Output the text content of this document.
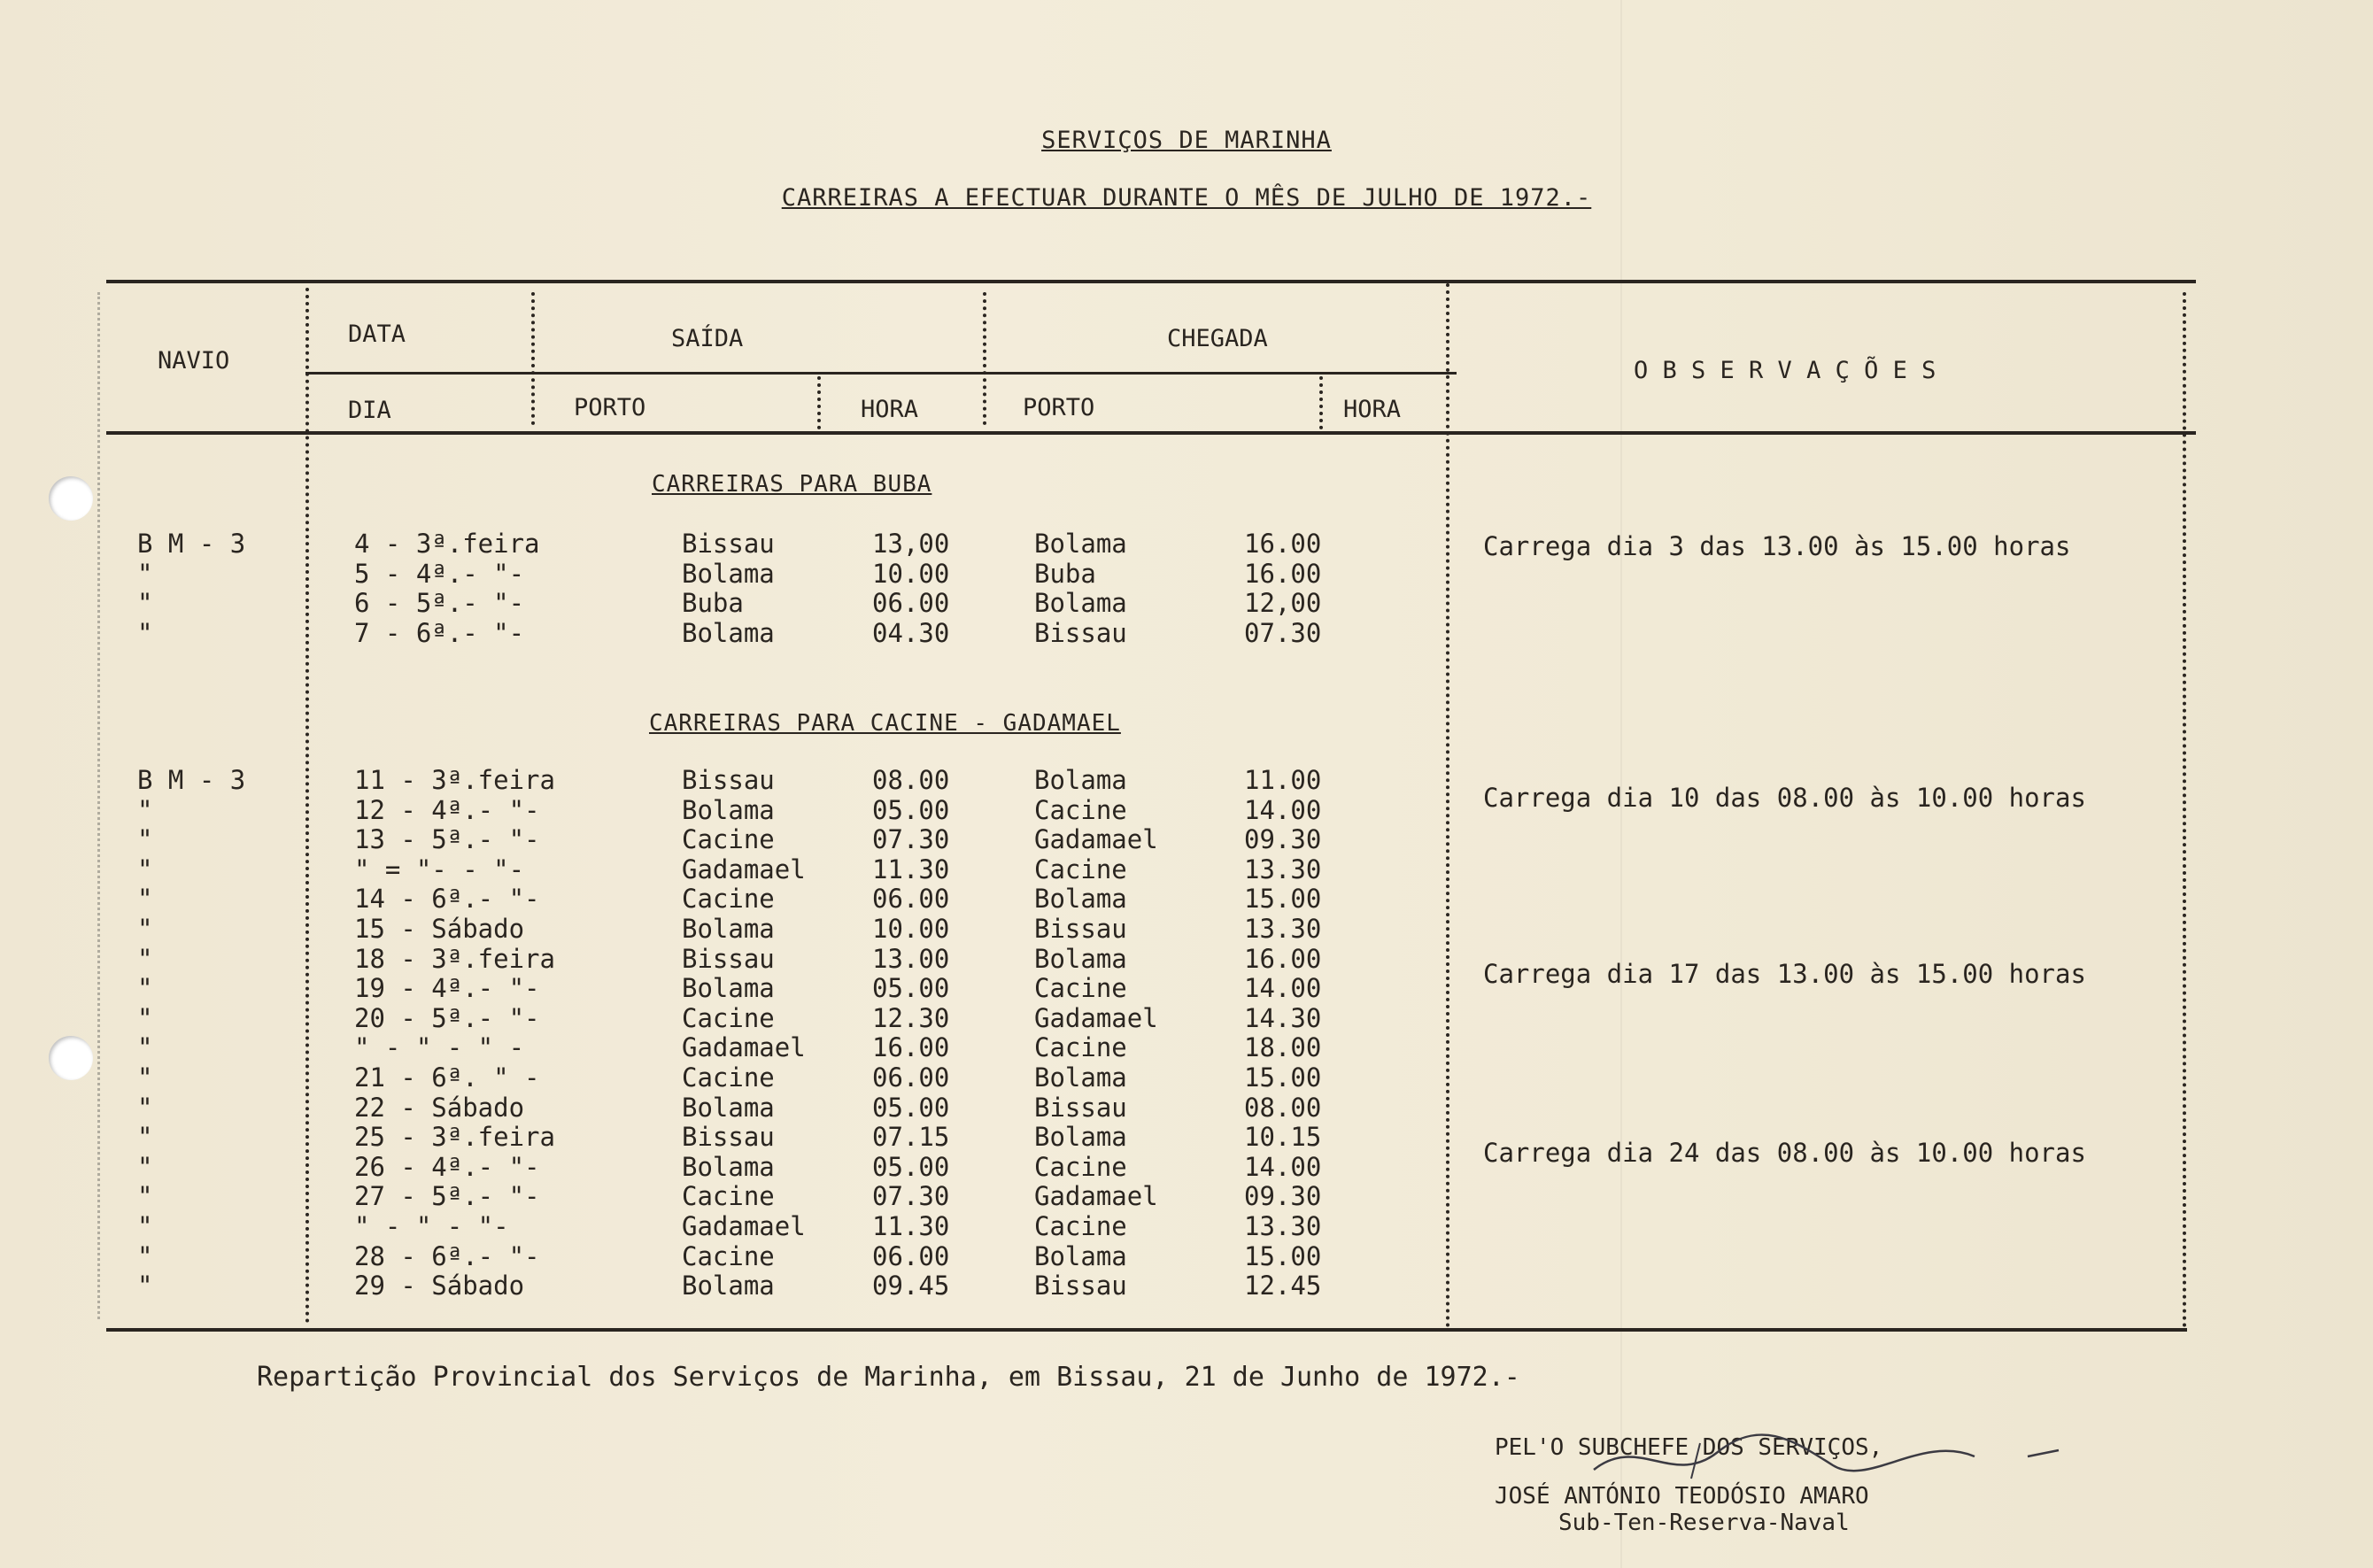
SERVIÇOS DE MARINHA
CARREIRAS A EFECTUAR DURANTE O MÊS DE JULHO DE 1972.-
NAVIO
DATA
DIA
SAÍDA	CHEGADA
PORTO	HORA	PORTO	HORA
O B S E R V A Ç Õ E S
CARREIRAS PARA BUBA
B M - 3	4 - 3ª.feira	Bissau	13,00	Bolama	16.00
"	5 - 4ª.- "-	Bolama	10.00	Buba	16.00
"	6 - 5ª.- "-	Buba	06.00	Bolama	12,00
"	7 - 6ª.- "-	Bolama	04.30	Bissau	07.30
Carrega dia 3 das 13.00 às 15.00 horas
CARREIRAS PARA CACINE - GADAMAEL
B M - 3	11 - 3ª.feira	Bissau	08.00	Bolama	11.00
"	12 - 4ª.- "-	Bolama	05.00	Cacine	14.00
"	13 - 5ª.- "-	Cacine	07.30	Gadamael	09.30
"	" = "- - "-	Gadamael	11.30	Cacine	13.30
"	14 - 6ª.- "-	Cacine	06.00	Bolama	15.00
"	15 - Sábado	Bolama	10.00	Bissau	13.30
"	18 - 3ª.feira	Bissau	13.00	Bolama	16.00
"	19 - 4ª.- "-	Bolama	05.00	Cacine	14.00
"	20 - 5ª.- "-	Cacine	12.30	Gadamael	14.30
"	" - " - " -	Gadamael	16.00	Cacine	18.00
"	21 - 6ª. " -	Cacine	06.00	Bolama	15.00
"	22 - Sábado	Bolama	05.00	Bissau	08.00
"	25 - 3ª.feira	Bissau	07.15	Bolama	10.15
"	26 - 4ª.- "-	Bolama	05.00	Cacine	14.00
"	27 - 5ª.- "-	Cacine	07.30	Gadamael	09.30
"	" - " - "-	Gadamael	11.30	Cacine	13.30
"	28 - 6ª.- "-	Cacine	06.00	Bolama	15.00
"	29 - Sábado	Bolama	09.45	Bissau	12.45
Carrega dia 10 das 08.00 às 10.00 horas
Carrega dia 17 das 13.00 às 15.00 horas
Carrega dia 24 das 08.00 às 10.00 horas
Repartição Provincial dos Serviços de Marinha, em Bissau, 21 de Junho de 1972.-
PEL'O SUBCHEFE DOS SERVIÇOS,
JOSÉ ANTÓNIO TEODÓSIO AMARO
Sub-Ten-Reserva-Naval
